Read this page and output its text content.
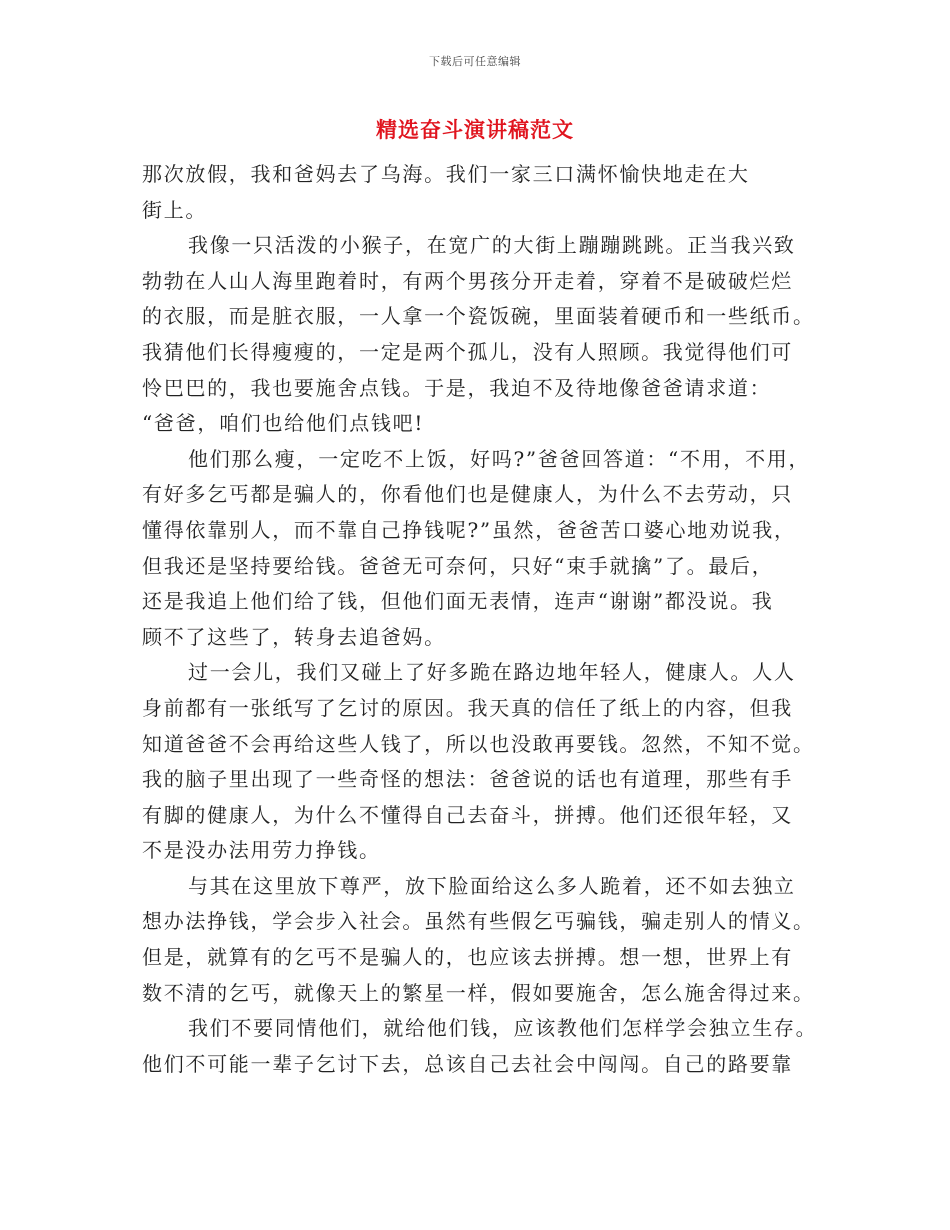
下载后可任意编辑
精选奋斗演讲稿范文
那次放假，我和爸妈去了乌海。我们一家三口满怀愉快地走在大
街上。
我像一只活泼的小猴子，在宽广的大街上蹦蹦跳跳。正当我兴致
勃勃在人山人海里跑着时，有两个男孩分开走着，穿着不是破破烂烂
的衣服，而是脏衣服，一人拿一个瓷饭碗，里面装着硬币和一些纸币。
我猜他们长得瘦瘦的，一定是两个孤儿，没有人照顾。我觉得他们可
怜巴巴的，我也要施舍点钱。于是，我迫不及待地像爸爸请求道：
“爸爸，咱们也给他们点钱吧!
他们那么瘦，一定吃不上饭，好吗?”爸爸回答道：“不用，不用，
有好多乞丐都是骗人的，你看他们也是健康人，为什么不去劳动，只
懂得依靠别人，而不靠自己挣钱呢?”虽然，爸爸苦口婆心地劝说我，
但我还是坚持要给钱。爸爸无可奈何，只好“束手就擒”了。最后，
还是我追上他们给了钱，但他们面无表情，连声“谢谢”都没说。我
顾不了这些了，转身去追爸妈。
过一会儿，我们又碰上了好多跪在路边地年轻人，健康人。人人
身前都有一张纸写了乞讨的原因。我天真的信任了纸上的内容，但我
知道爸爸不会再给这些人钱了，所以也没敢再要钱。忽然，不知不觉。
我的脑子里出现了一些奇怪的想法：爸爸说的话也有道理，那些有手
有脚的健康人，为什么不懂得自己去奋斗，拼搏。他们还很年轻，又
不是没办法用劳力挣钱。
与其在这里放下尊严，放下脸面给这么多人跪着，还不如去独立
想办法挣钱，学会步入社会。虽然有些假乞丐骗钱，骗走别人的情义。
但是，就算有的乞丐不是骗人的，也应该去拼搏。想一想，世界上有
数不清的乞丐，就像天上的繁星一样，假如要施舍，怎么施舍得过来。
我们不要同情他们，就给他们钱，应该教他们怎样学会独立生存。
他们不可能一辈子乞讨下去，总该自己去社会中闯闯。自己的路要靠
